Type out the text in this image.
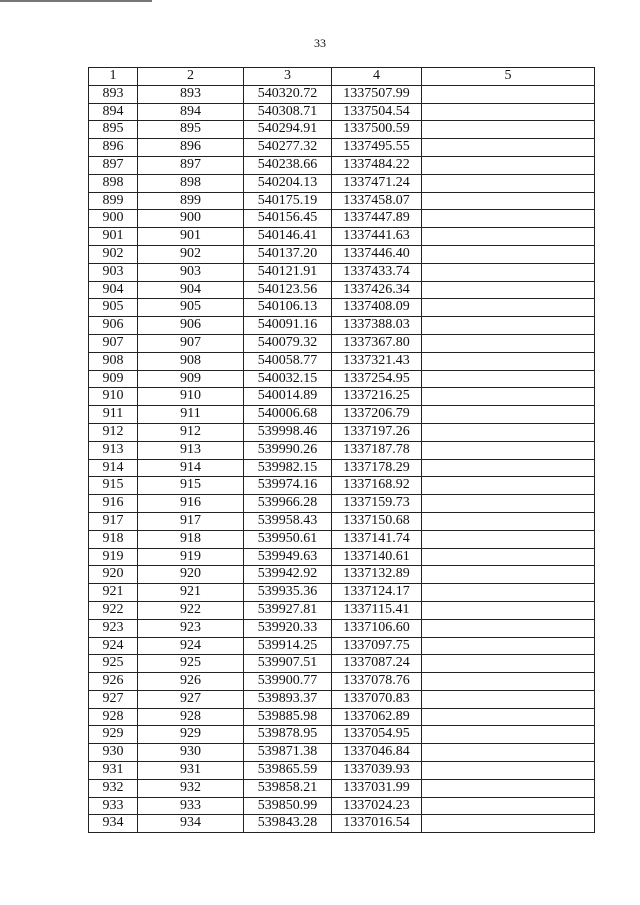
33
1	2	3	4	5
893	893	540320.72	1337507.99	
894	894	540308.71	1337504.54	
895	895	540294.91	1337500.59	
896	896	540277.32	1337495.55	
897	897	540238.66	1337484.22	
898	898	540204.13	1337471.24	
899	899	540175.19	1337458.07	
900	900	540156.45	1337447.89	
901	901	540146.41	1337441.63	
902	902	540137.20	1337446.40	
903	903	540121.91	1337433.74	
904	904	540123.56	1337426.34	
905	905	540106.13	1337408.09	
906	906	540091.16	1337388.03	
907	907	540079.32	1337367.80	
908	908	540058.77	1337321.43	
909	909	540032.15	1337254.95	
910	910	540014.89	1337216.25	
911	911	540006.68	1337206.79	
912	912	539998.46	1337197.26	
913	913	539990.26	1337187.78	
914	914	539982.15	1337178.29	
915	915	539974.16	1337168.92	
916	916	539966.28	1337159.73	
917	917	539958.43	1337150.68	
918	918	539950.61	1337141.74	
919	919	539949.63	1337140.61	
920	920	539942.92	1337132.89	
921	921	539935.36	1337124.17	
922	922	539927.81	1337115.41	
923	923	539920.33	1337106.60	
924	924	539914.25	1337097.75	
925	925	539907.51	1337087.24	
926	926	539900.77	1337078.76	
927	927	539893.37	1337070.83	
928	928	539885.98	1337062.89	
929	929	539878.95	1337054.95	
930	930	539871.38	1337046.84	
931	931	539865.59	1337039.93	
932	932	539858.21	1337031.99	
933	933	539850.99	1337024.23	
934	934	539843.28	1337016.54	
